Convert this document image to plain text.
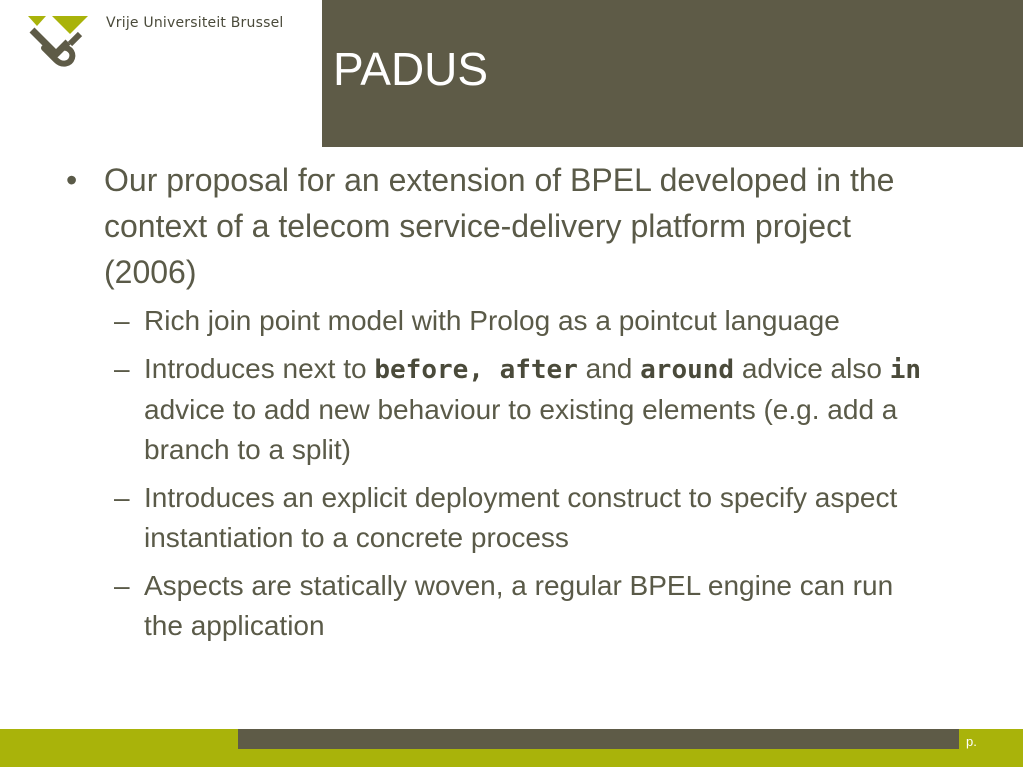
Vrije Universiteit Brussel
PADUS
• Our proposal for an extension of BPEL developed in the context of a telecom service-delivery platform project (2006)
– Rich join point model with Prolog as a pointcut language
– Introduces next to before, after and around advice also in advice to add new behaviour to existing elements (e.g. add a branch to a split)
– Introduces an explicit deployment construct to specify aspect instantiation to a concrete process
– Aspects are statically woven, a regular BPEL engine can run the application
p.
